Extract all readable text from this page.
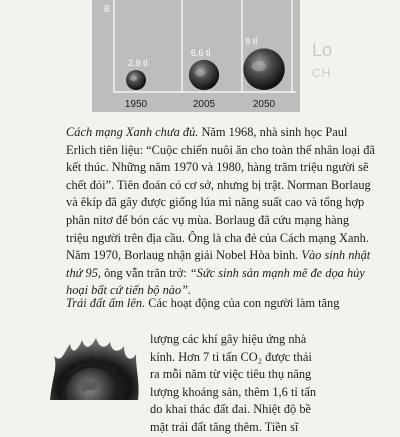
8
2.9 tỉ
1950
6.6 tỉ
2005
9 tỉ
2050
Lo
CH
Cách mạng Xanh chưa đủ. Năm 1968, nhà sinh học Paul
Erlich tiên liệu: “Cuộc chiến nuôi ăn cho toàn thế nhân loại đã
kết thúc. Những năm 1970 và 1980, hàng trăm triệu người sẽ
chết đói”. Tiên đoán có cơ sở, nhưng bị trật. Norman Borlaug
và êkíp đã gây được giống lúa mì năng suất cao và tổng hợp
phân nitơ để bón các vụ mùa. Borlaug đã cứu mạng hàng
triệu người trên địa cầu. Ông là cha đẻ của Cách mạng Xanh.
Năm 1970, Borlaug nhận giải Nobel Hòa bình. Vào sinh nhật
thứ 95, ông vẫn trăn trở: “Sức sinh sản mạnh mẽ đe dọa hủy
hoại bất cứ tiến bộ nào”.
Trái đất ấm lên. Các hoạt động của con người làm tăng
lượng các khí gây hiệu ứng nhà
kính. Hơn 7 tỉ tấn CO₂ được thải
ra mỗi năm từ việc tiêu thụ năng
lượng khoáng sản, thêm 1,6 tỉ tấn
do khai thác đất đai. Nhiệt độ bề
mặt trái đất tăng thêm. Tiền sĩ
